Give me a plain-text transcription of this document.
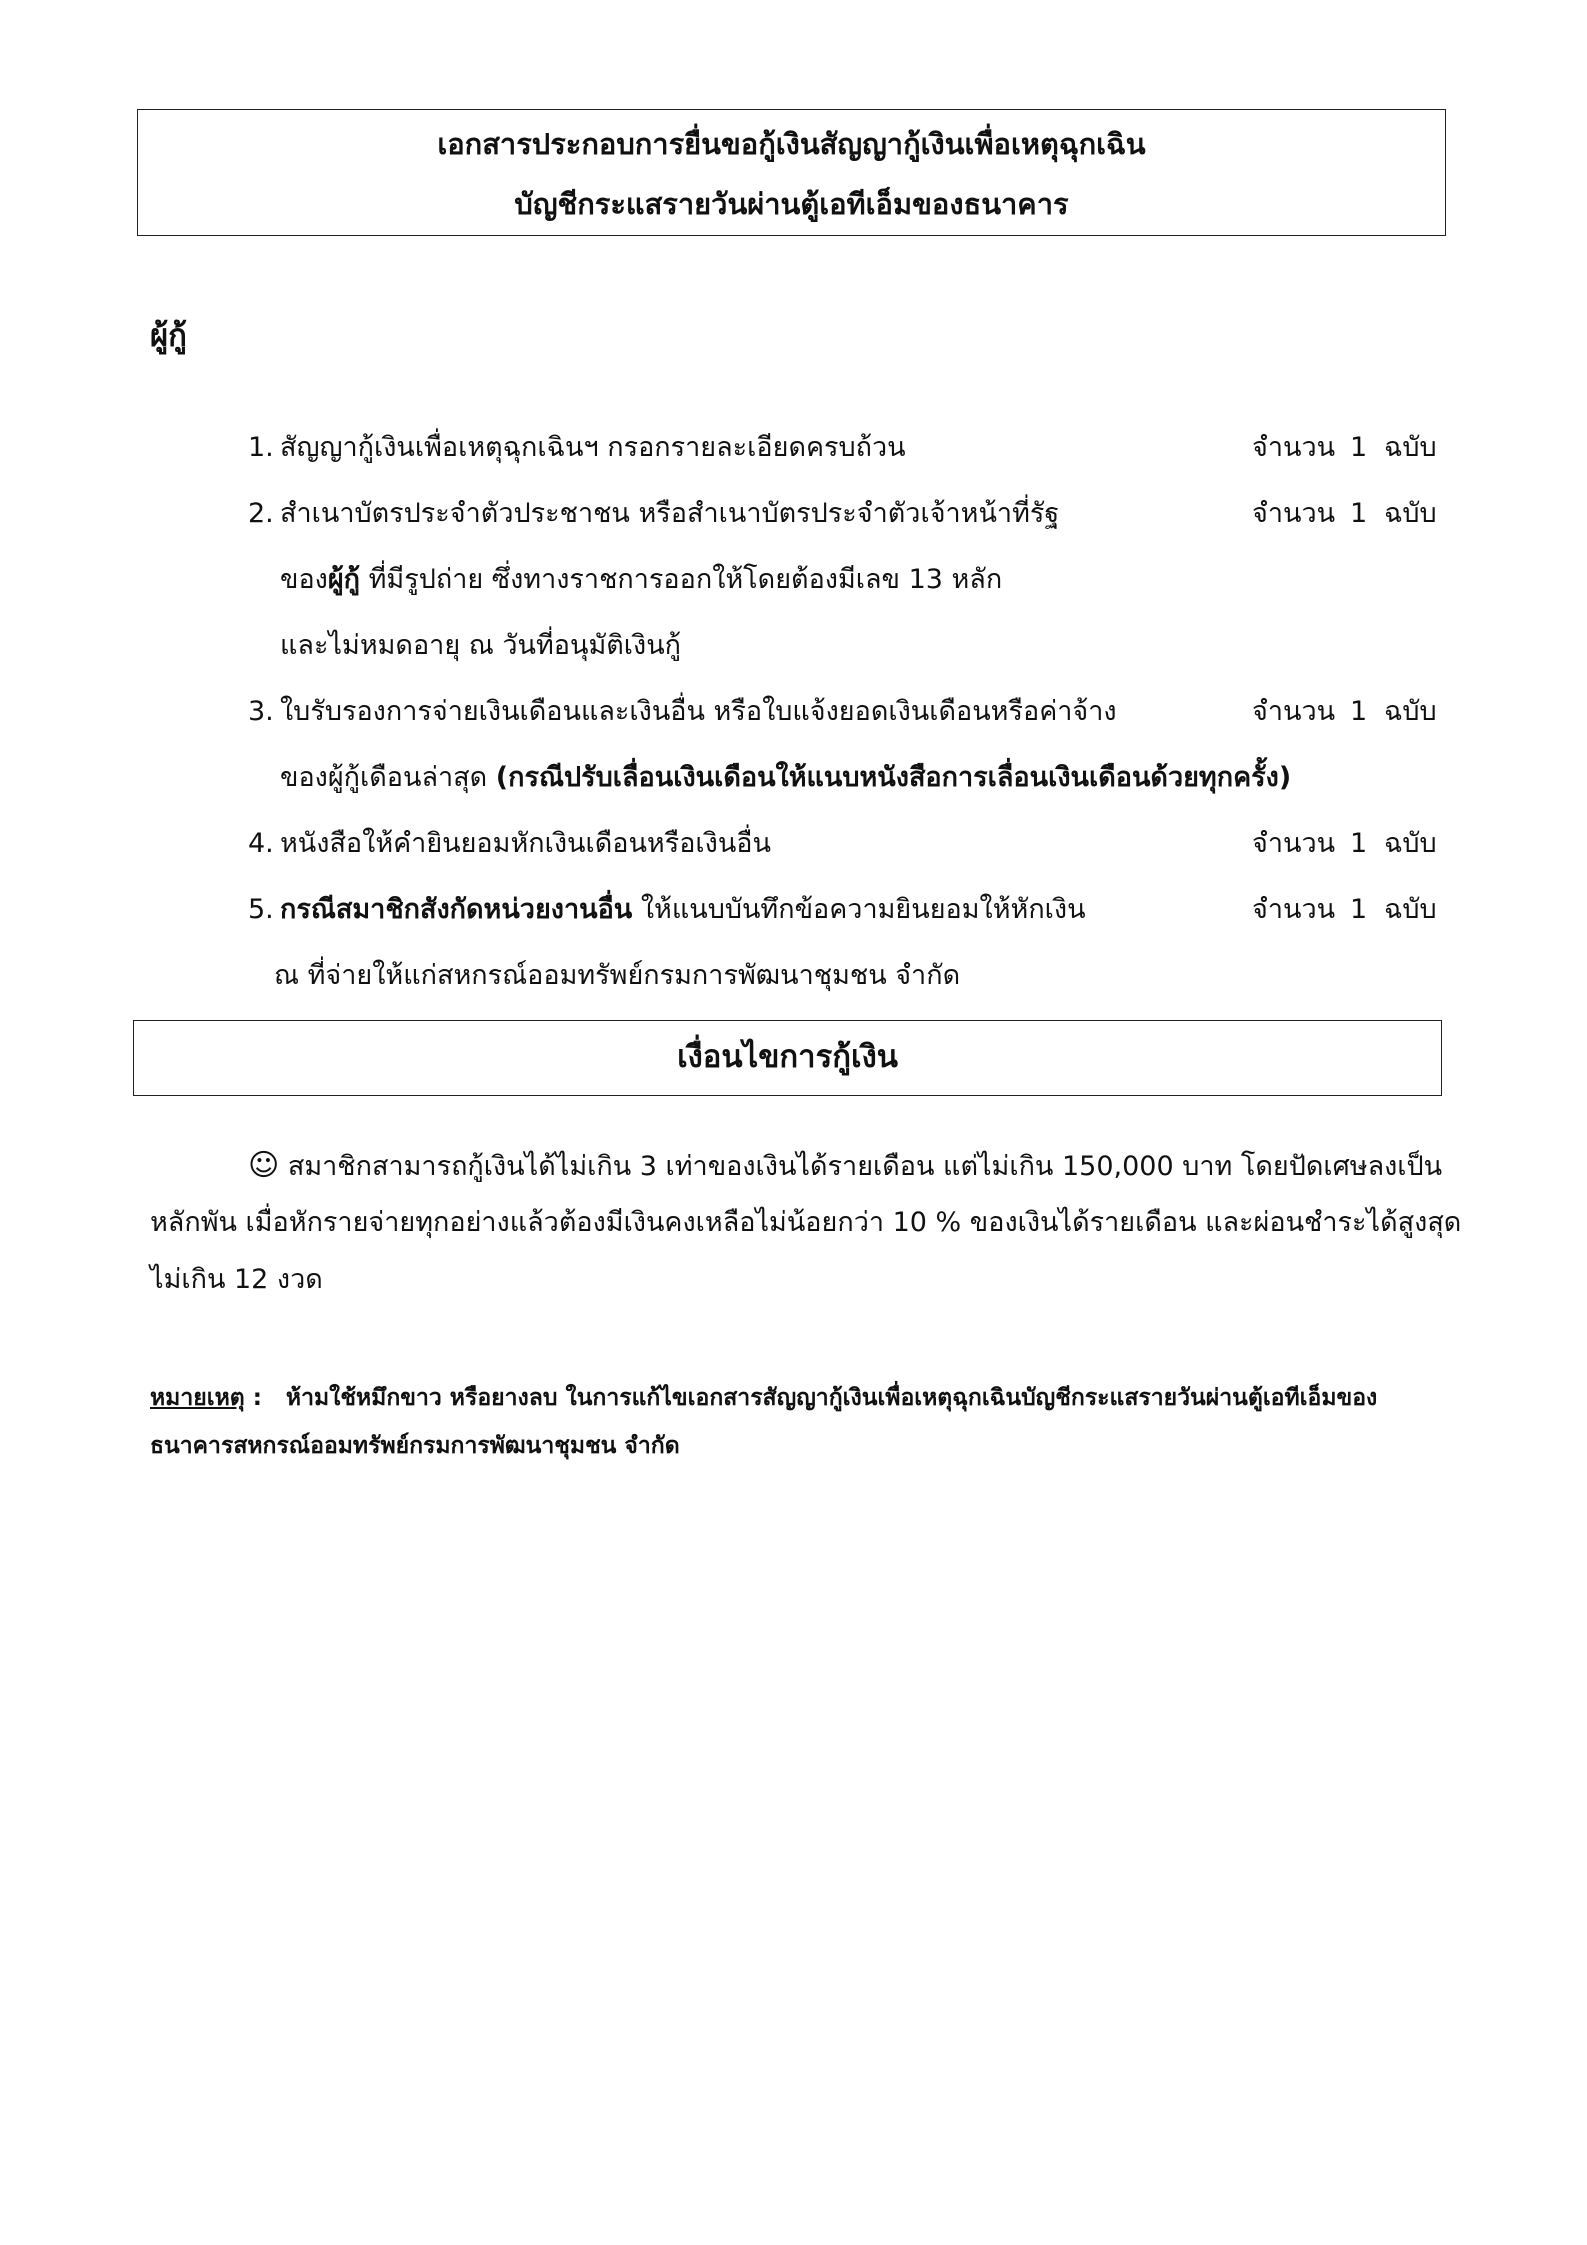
เอกสารประกอบการยื่นขอกู้เงินสัญญากู้เงินเพื่อเหตุฉุกเฉิน
บัญชีกระแสรายวันผ่านตู้เอทีเอ็มของธนาคาร
ผู้กู้
1. สัญญากู้เงินเพื่อเหตุฉุกเฉินฯ กรอกรายละเอียดครบถ้วน	จำนวน 1 ฉบับ
2. สำเนาบัตรประจำตัวประชาชน หรือสำเนาบัตรประจำตัวเจ้าหน้าที่รัฐ	จำนวน 1 ฉบับ
ของผู้กู้ ที่มีรูปถ่าย ซึ่งทางราชการออกให้โดยต้องมีเลข 13 หลัก
และไม่หมดอายุ ณ วันที่อนุมัติเงินกู้
3. ใบรับรองการจ่ายเงินเดือนและเงินอื่น หรือใบแจ้งยอดเงินเดือนหรือค่าจ้าง	จำนวน 1 ฉบับ
ของผู้กู้เดือนล่าสุด (กรณีปรับเลื่อนเงินเดือนให้แนบหนังสือการเลื่อนเงินเดือนด้วยทุกครั้ง)
4. หนังสือให้คำยินยอมหักเงินเดือนหรือเงินอื่น	จำนวน 1 ฉบับ
5. กรณีสมาชิกสังกัดหน่วยงานอื่น ให้แนบบันทึกข้อความยินยอมให้หักเงิน	จำนวน 1 ฉบับ
ณ ที่จ่ายให้แก่สหกรณ์ออมทรัพย์กรมการพัฒนาชุมชน จำกัด
เงื่อนไขการกู้เงิน
☺ สมาชิกสามารถกู้เงินได้ไม่เกิน 3 เท่าของเงินได้รายเดือน แต่ไม่เกิน 150,000 บาท โดยปัดเศษลงเป็น
หลักพัน เมื่อหักรายจ่ายทุกอย่างแล้วต้องมีเงินคงเหลือไม่น้อยกว่า 10 % ของเงินได้รายเดือน และผ่อนชำระได้สูงสุด
ไม่เกิน 12 งวด
หมายเหตุ :   ห้ามใช้หมึกขาว หรือยางลบ ในการแก้ไขเอกสารสัญญากู้เงินเพื่อเหตุฉุกเฉินบัญชีกระแสรายวันผ่านตู้เอทีเอ็มของ
ธนาคารสหกรณ์ออมทรัพย์กรมการพัฒนาชุมชน จำกัด
